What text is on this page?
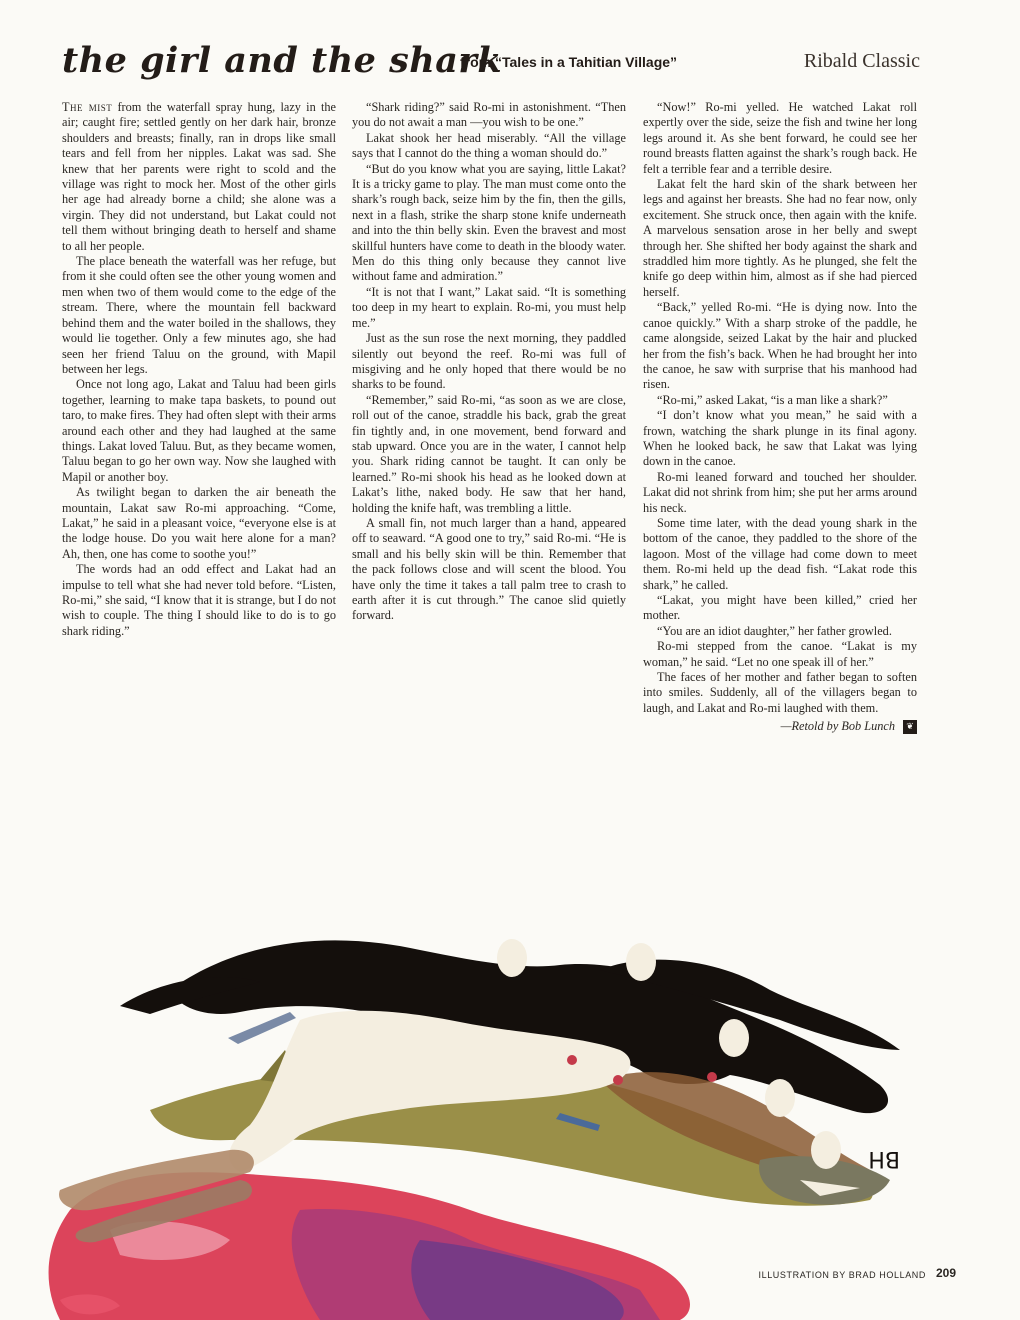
the girl and the shark
from “Tales in a Tahitian Village”	Ribald Classic

The mist from the waterfall spray hung, lazy in the air; caught fire; settled gently on her dark hair, bronze shoulders and breasts; finally, ran in drops like small tears and fell from her nipples. Lakat was sad. She knew that her parents were right to scold and the village was right to mock her. Most of the other girls her age had already borne a child; she alone was a virgin. They did not understand, but Lakat could not tell them without bringing death to herself and shame to all her people.

The place beneath the waterfall was her refuge, but from it she could often see the other young women and men when two of them would come to the edge of the stream. There, where the mountain fell backward behind them and the water boiled in the shallows, they would lie together. Only a few minutes ago, she had seen her friend Taluu on the ground, with Mapil between her legs.

Once not long ago, Lakat and Taluu had been girls together, learning to make tapa baskets, to pound out taro, to make fires. They had often slept with their arms around each other and they had laughed at the same things. Lakat loved Taluu. But, as they became women, Taluu began to go her own way. Now she laughed with Mapil or another boy.

As twilight began to darken the air beneath the mountain, Lakat saw Ro-mi approaching. “Come, Lakat,” he said in a pleasant voice, “everyone else is at the lodge house. Do you wait here alone for a man? Ah, then, one has come to soothe you!”

The words had an odd effect and Lakat had an impulse to tell what she had never told before. “Listen, Ro-mi,” she said, “I know that it is strange, but I do not wish to couple. The thing I should like to do is to go shark riding.”

“Shark riding?” said Ro-mi in astonishment. “Then you do not await a man —you wish to be one.”

Lakat shook her head miserably. “All the village says that I cannot do the thing a woman should do.”

“But do you know what you are saying, little Lakat? It is a tricky game to play. The man must come onto the shark’s rough back, seize him by the fin, then the gills, next in a flash, strike the sharp stone knife underneath and into the thin belly skin. Even the bravest and most skillful hunters have come to death in the bloody water. Men do this thing only because they cannot live without fame and admiration.”

“It is not that I want,” Lakat said. “It is something too deep in my heart to explain. Ro-mi, you must help me.”

Just as the sun rose the next morning, they paddled silently out beyond the reef. Ro-mi was full of misgiving and he only hoped that there would be no sharks to be found.

“Remember,” said Ro-mi, “as soon as we are close, roll out of the canoe, straddle his back, grab the great fin tightly and, in one movement, bend forward and stab upward. Once you are in the water, I cannot help you. Shark riding cannot be taught. It can only be learned.” Ro-mi shook his head as he looked down at Lakat’s lithe, naked body. He saw that her hand, holding the knife haft, was trembling a little.

A small fin, not much larger than a hand, appeared off to seaward. “A good one to try,” said Ro-mi. “He is small and his belly skin will be thin. Remember that the pack follows close and will scent the blood. You have only the time it takes a tall palm tree to crash to earth after it is cut through.” The canoe slid quietly forward.

“Now!” Ro-mi yelled. He watched Lakat roll expertly over the side, seize the fish and twine her long legs around it. As she bent forward, he could see her round breasts flatten against the shark’s rough back. He felt a terrible fear and a terrible desire.

Lakat felt the hard skin of the shark between her legs and against her breasts. She had no fear now, only excitement. She struck once, then again with the knife. A marvelous sensation arose in her belly and swept through her. She shifted her body against the shark and straddled him more tightly. As he plunged, she felt the knife go deep within him, almost as if she had pierced herself.

“Back,” yelled Ro-mi. “He is dying now. Into the canoe quickly.” With a sharp stroke of the paddle, he came alongside, seized Lakat by the hair and plucked her from the fish’s back. When he had brought her into the canoe, he saw with surprise that his manhood had risen.

“Ro-mi,” asked Lakat, “is a man like a shark?”

“I don’t know what you mean,” he said with a frown, watching the shark plunge in its final agony. When he looked back, he saw that Lakat was lying down in the canoe.

Ro-mi leaned forward and touched her shoulder. Lakat did not shrink from him; she put her arms around his neck.

Some time later, with the dead young shark in the bottom of the canoe, they paddled to the shore of the lagoon. Most of the village had come down to meet them. Ro-mi held up the dead fish. “Lakat rode this shark,” he called.

“Lakat, you might have been killed,” cried her mother.

“You are an idiot daughter,” her father growled.

Ro-mi stepped from the canoe. “Lakat is my woman,” he said. “Let no one speak ill of her.”

The faces of her mother and father began to soften into smiles. Suddenly, all of the villagers began to laugh, and Lakat and Ro-mi laughed with them.

—Retold by Bob Lunch ❦
BH
ILLUSTRATION BY BRAD HOLLAND 209
